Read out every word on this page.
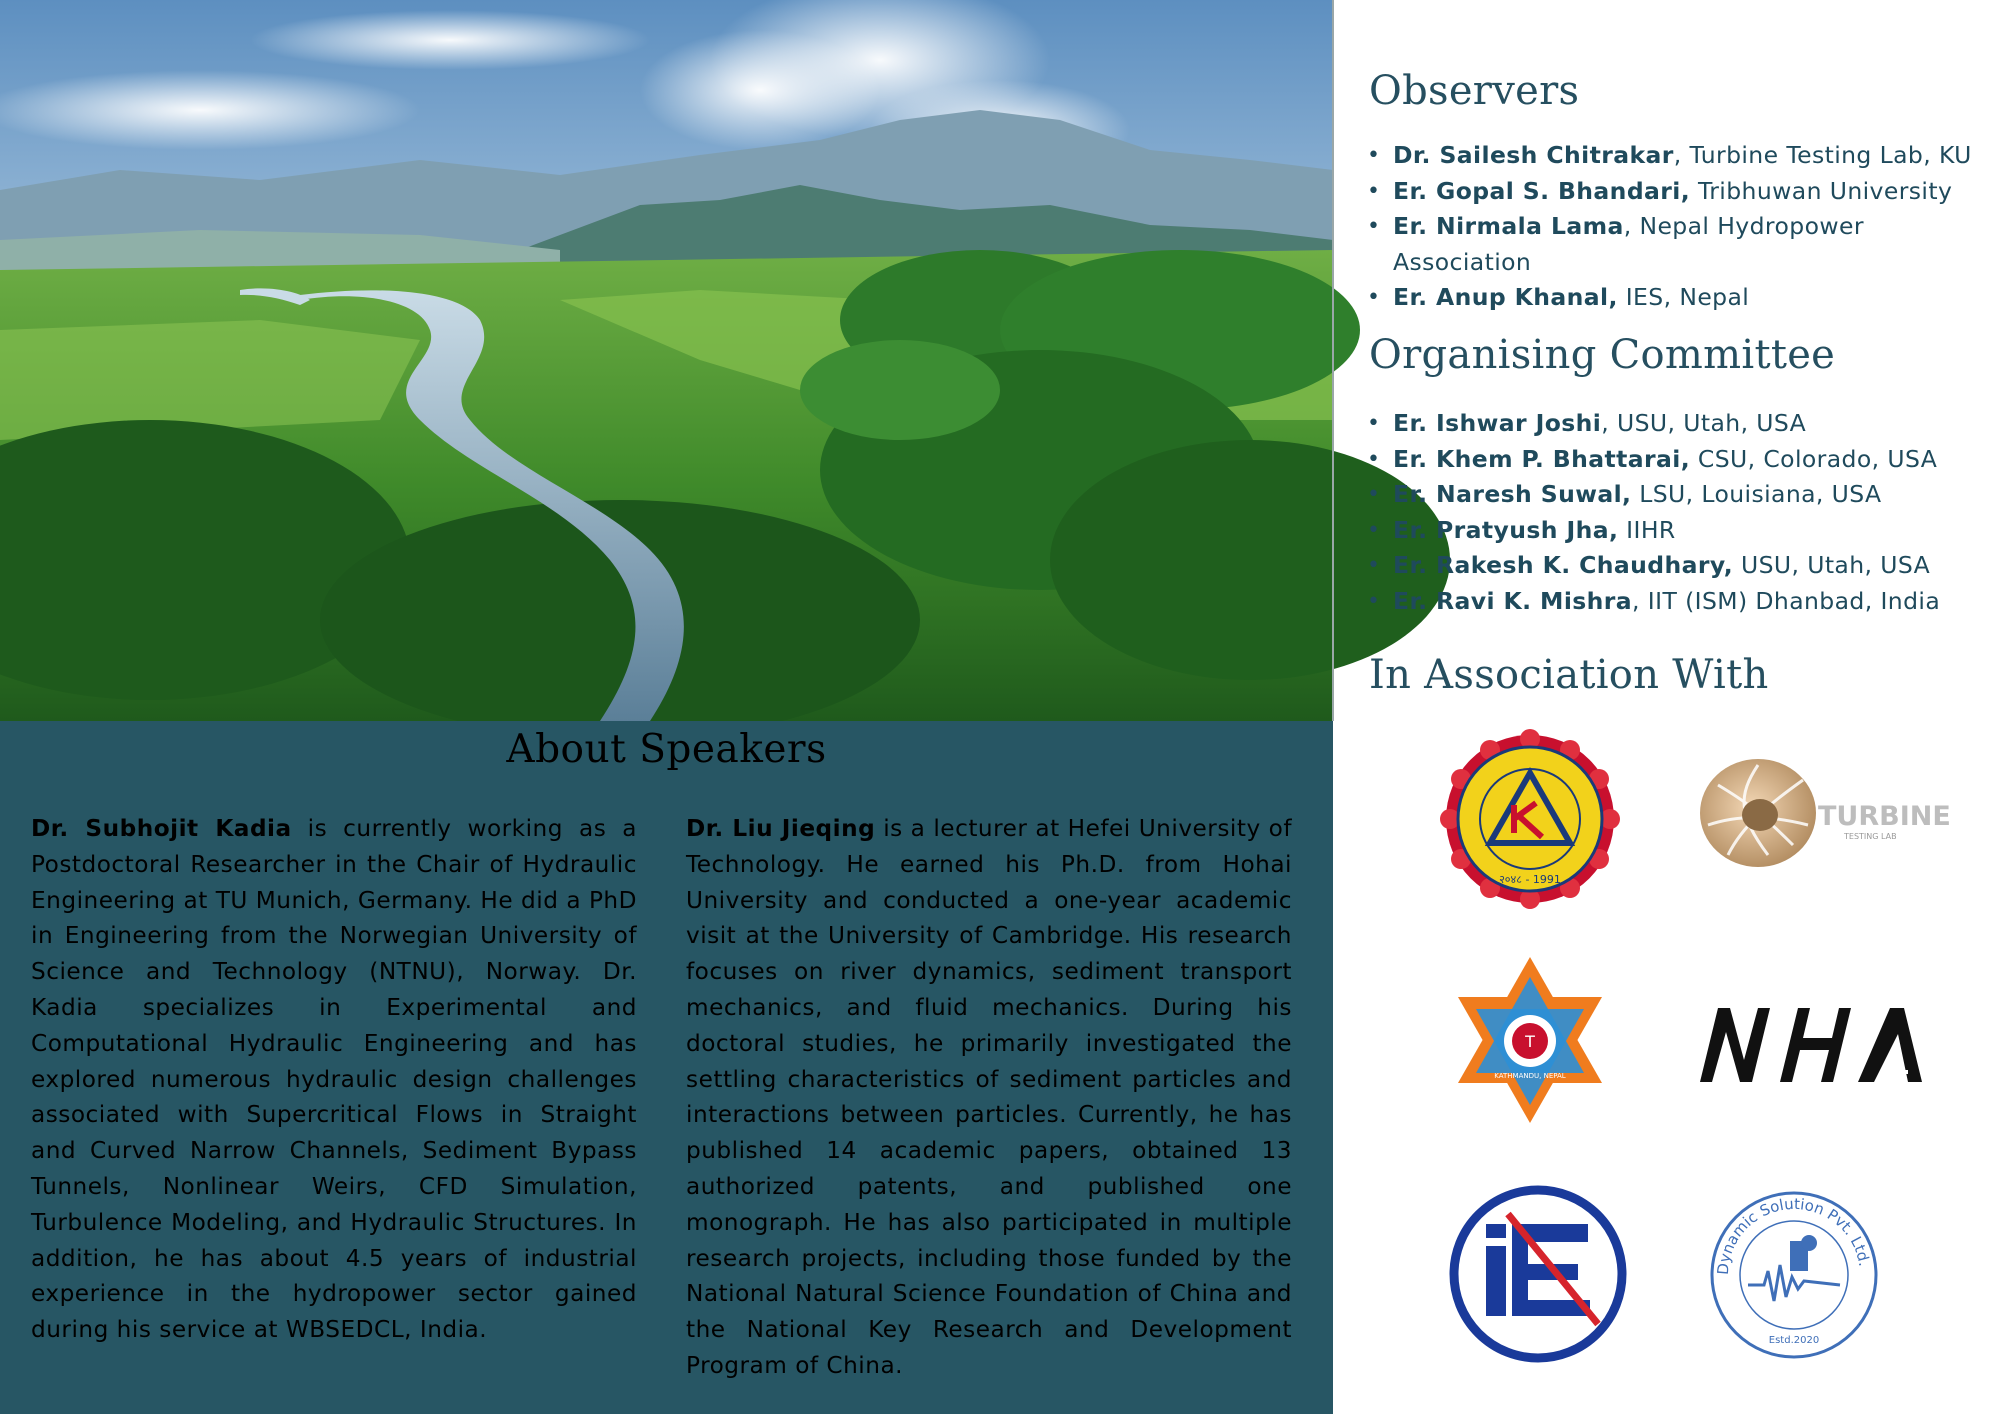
About Speakers

Dr. Subhojit Kadia is currently working as a Postdoctoral Researcher in the Chair of Hydraulic Engineering at TU Munich, Germany. He did a PhD in Engineering from the Norwegian University of Science and Technology (NTNU), Norway. Dr. Kadia specializes in Experimental and Computational Hydraulic Engineering and has explored numerous hydraulic design challenges associated with Supercritical Flows in Straight and Curved Narrow Channels, Sediment Bypass Tunnels, Nonlinear Weirs, CFD Simulation, Turbulence Modeling, and Hydraulic Structures. In addition, he has about 4.5 years of industrial experience in the hydropower sector gained during his service at WBSEDCL, India.

Dr. Liu Jieqing is a lecturer at Hefei University of Technology. He earned his Ph.D. from Hohai University and conducted a one-year academic visit at the University of Cambridge. His research focuses on river dynamics, sediment transport mechanics, and fluid mechanics. During his doctoral studies, he primarily investigated the settling characteristics of sediment particles and interactions between particles. Currently, he has published 14 academic papers, obtained 13 authorized patents, and published one monograph. He has also participated in multiple research projects, including those funded by the National Natural Science Foundation of China and the National Key Research and Development Program of China.

Observers
• Dr. Sailesh Chitrakar, Turbine Testing Lab, KU
• Er. Gopal S. Bhandari, Tribhuwan University
• Er. Nirmala Lama, Nepal Hydropower Association
• Er. Anup Khanal, IES, Nepal
Organising Committee
• Er. Ishwar Joshi, USU, Utah, USA
• Er. Khem P. Bhattarai, CSU, Colorado, USA
• Er. Naresh Suwal, LSU, Louisiana, USA
• Er. Pratyush Jha, IIHR
• Er. Rakesh K. Chaudhary, USU, Utah, USA
• Er. Ravi K. Mishra, IIT (ISM) Dhanbad, India
In Association With
२०४८ - 1991
TURBINE
TESTING LAB
T
KATHMANDU, NEPAL
Dynamic Solution Pvt. Ltd.
Estd.2020
